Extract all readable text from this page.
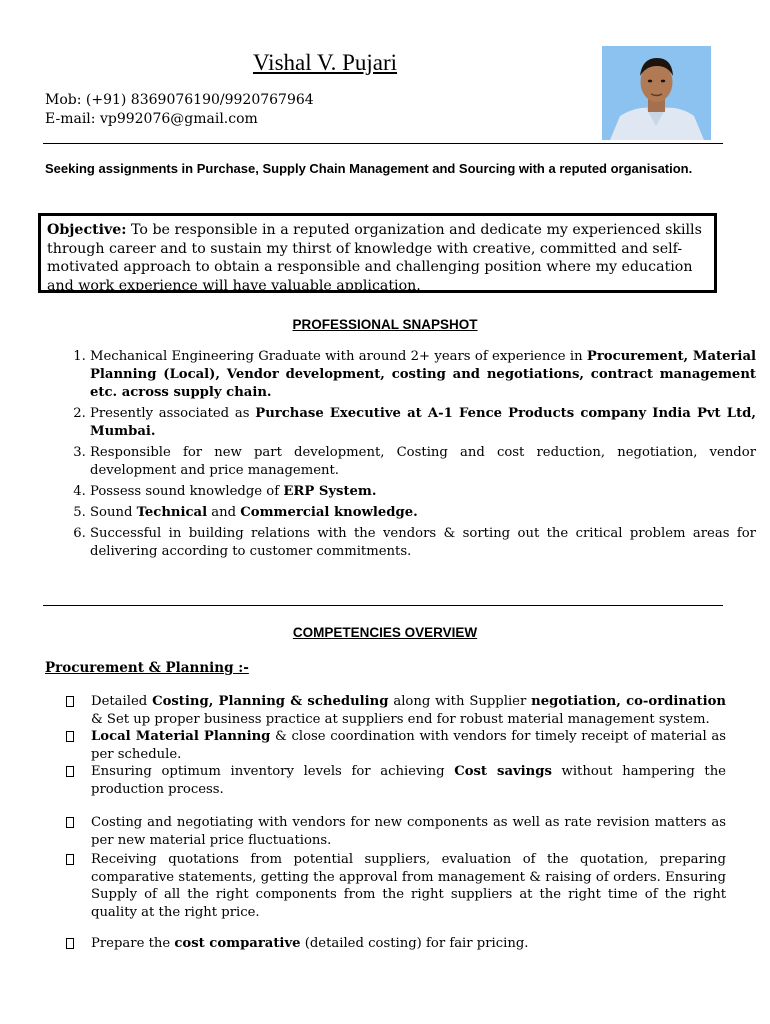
Vishal V. Pujari
Mob: (+91) 8369076190/9920767964
E-mail: vp992076@gmail.com
Seeking assignments in Purchase, Supply Chain Management and Sourcing with a reputed organisation.
Objective: To be responsible in a reputed organization and dedicate my experienced skills through career and to sustain my thirst of knowledge with creative, committed and self-motivated approach to obtain a responsible and challenging position where my education and work experience will have valuable application.
PROFESSIONAL SNAPSHOT
1. Mechanical Engineering Graduate with around 2+ years of experience in Procurement, Material Planning (Local), Vendor development, costing and negotiations, contract management etc. across supply chain.
2. Presently associated as Purchase Executive at A-1 Fence Products company India Pvt Ltd, Mumbai.
3. Responsible for new part development, Costing and cost reduction, negotiation, vendor development and price management.
4. Possess sound knowledge of ERP System.
5. Sound Technical and Commercial knowledge.
6. Successful in building relations with the vendors & sorting out the critical problem areas for delivering according to customer commitments.
COMPETENCIES OVERVIEW
Procurement & Planning :-
Detailed Costing, Planning & scheduling along with Supplier negotiation, co-ordination & Set up proper business practice at suppliers end for robust material management system.
Local Material Planning & close coordination with vendors for timely receipt of material as per schedule.
Ensuring optimum inventory levels for achieving Cost savings without hampering the production process.
Costing and negotiating with vendors for new components as well as rate revision matters as per new material price fluctuations.
Receiving quotations from potential suppliers, evaluation of the quotation, preparing comparative statements, getting the approval from management & raising of orders. Ensuring Supply of all the right components from the right suppliers at the right time of the right quality at the right price.
Prepare the cost comparative (detailed costing) for fair pricing.
